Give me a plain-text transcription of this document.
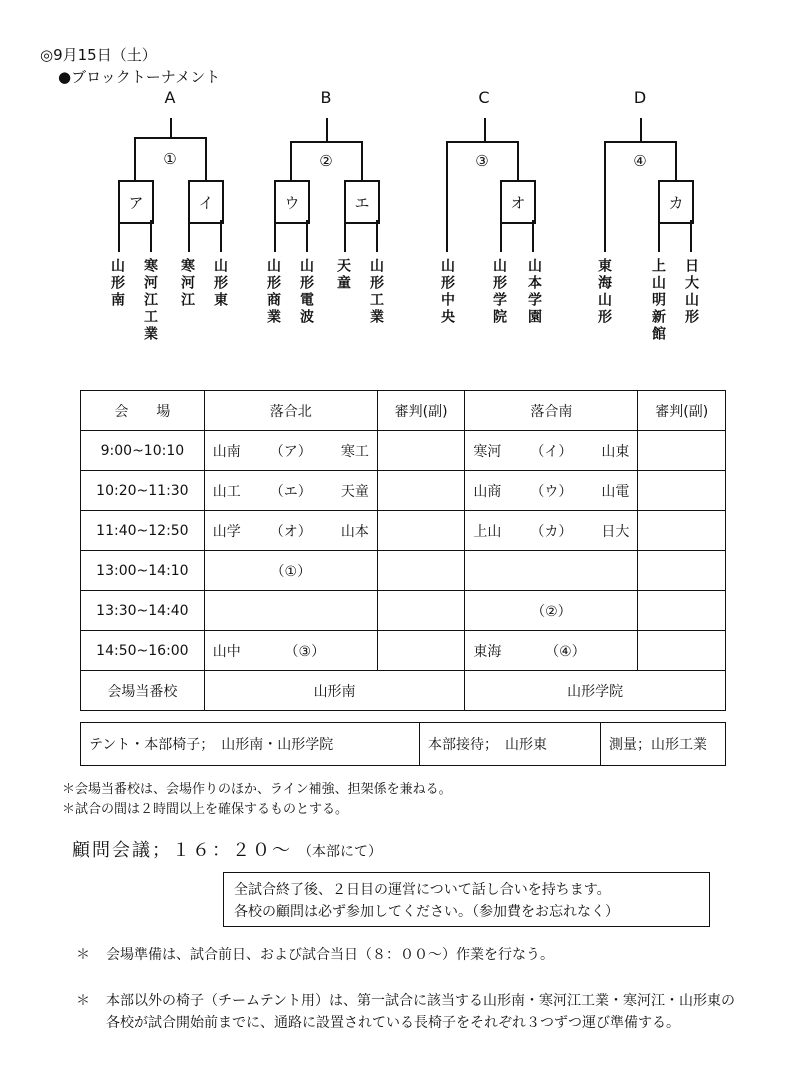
◎9月15日（土）
●ブロックトーナメント
A
①
ア	イ
山形南 寒河江工業 寒河江 山形東
B
②
ウ	エ
山形商業 山形電波 天童 山形工業
C
③
オ
山形中央	山形学院 山本学園
D
④
カ
東海山形	上山明新館 日大山形
会　　場	落合北	審判(副)	落合南	審判(副)
9:00~10:10	山南 （ア） 寒工		寒河 （イ） 山東	

10:20~11:30	山工 （エ） 天童		山商 （ウ） 山電	

11:40~12:50	山学 （オ） 山本		上山 （カ） 日大	

13:00~14:10	（①）			

13:30~14:40			（②）	

14:50~16:00	山中 （③）		東海 （④）	

会場当番校	山形南		山形学院	
テント・本部椅子；　山形南・山形学院	本部接待；　山形東	測量；山形工業
＊会場当番校は、会場作りのほか、ライン補強、担架係を兼ねる。
＊試合の間は２時間以上を確保するものとする。
顧問会議；１６：２０～ （本部にて）
全試合終了後、２日目の運営について話し合いを持ちます。
各校の顧問は必ず参加してください。（参加費をお忘れなく）
＊ 会場準備は、試合前日、および試合当日（８：００～）作業を行なう。
＊ 本部以外の椅子（チームテント用）は、第一試合に該当する山形南・寒河江工業・寒河江・山形東の各校が試合開始前までに、通路に設置されている長椅子をそれぞれ３つずつ運び準備する。
